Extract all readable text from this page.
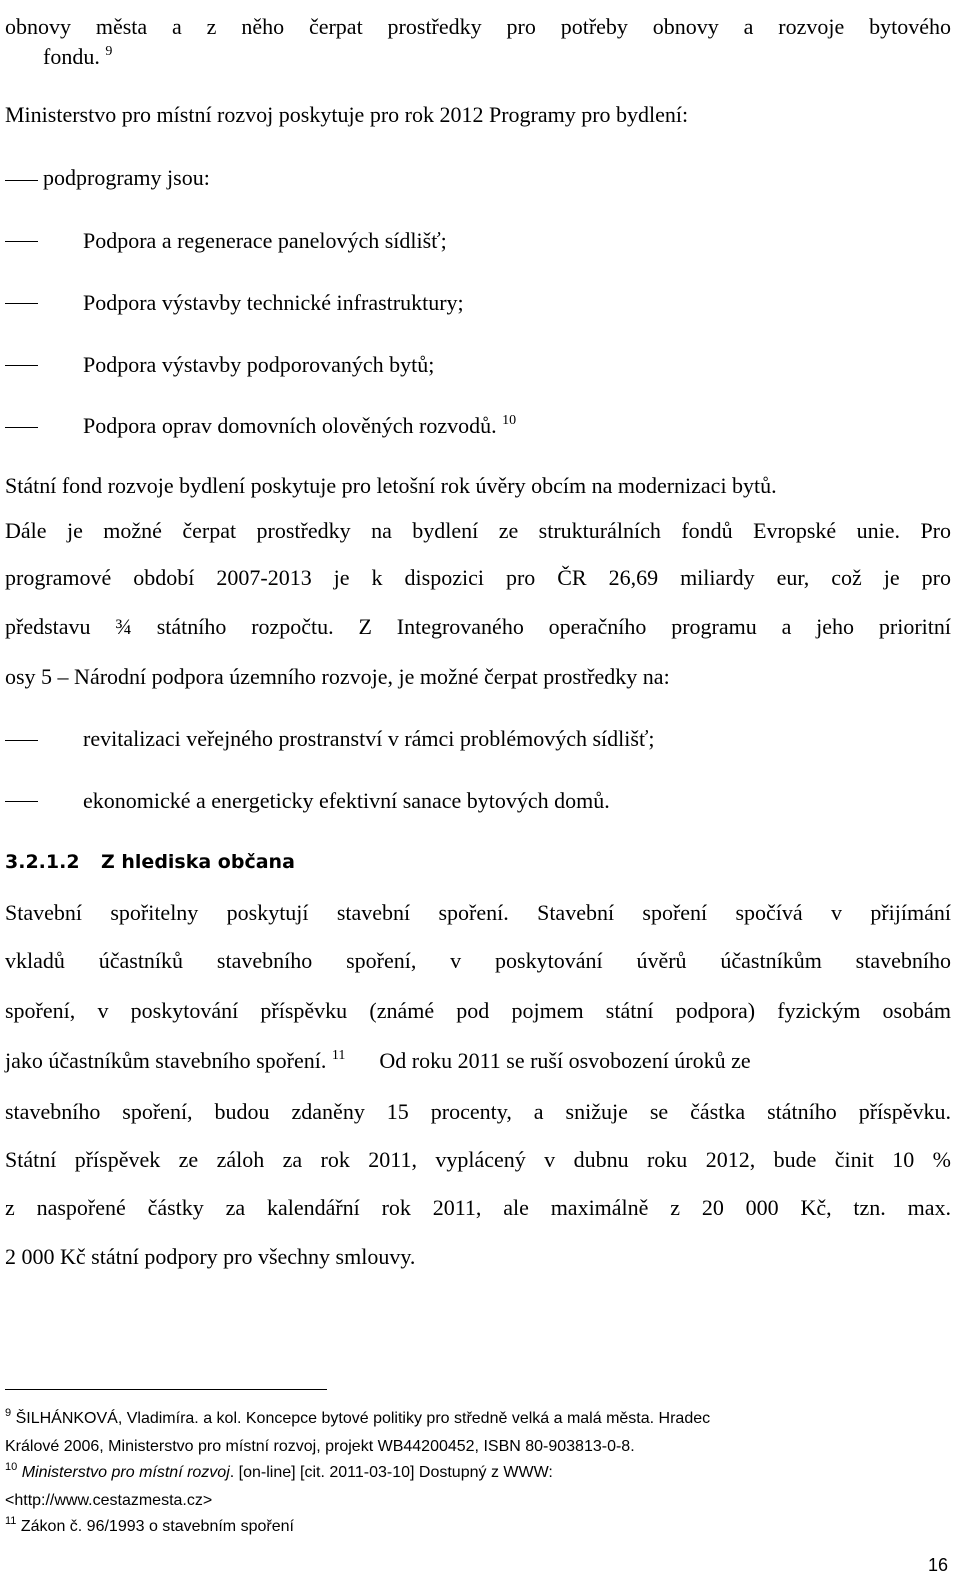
obnovy města a z něho čerpat prostředky pro potřeby obnovy a rozvoje bytového
fondu. $^9$
Ministerstvo pro místní rozvoj poskytuje pro rok 2012 Programy pro bydlení:
podprogramy jsou:
Podpora a regenerace panelových sídlišť;
Podpora výstavby technické infrastruktury;
Podpora výstavby podporovaných bytů;
Podpora oprav domovních olověných rozvodů. $^{10}$
Státní fond rozvoje bydlení poskytuje pro letošní rok úvěry obcím na modernizaci bytů.
Dále je možné čerpat prostředky na bydlení ze strukturálních fondů Evropské unie. Pro
programové období 2007-2013 je k dispozici pro ČR 26,69 miliardy eur, což je pro
představu ¾ státního rozpočtu. Z Integrovaného operačního programu a jeho prioritní
osy 5 – Národní podpora územního rozvoje, je možné čerpat prostředky na:
revitalizaci veřejného prostranství v rámci problémových sídlišť;
ekonomické a energeticky efektivní sanace bytových domů.
3.2.1.2 Z hlediska občana
Stavební spořitelny poskytují stavební spoření. Stavební spoření spočívá v přijímání
vkladů účastníků stavebního spoření, v poskytování úvěrů účastníkům stavebního
spoření, v poskytování příspěvku (známé pod pojmem státní podpora) fyzickým osobám
jako účastníkům stavebního spoření. $^{11}$ Od roku 2011 se ruší osvobození úroků ze
stavebního spoření, budou zdaněny 15 procenty, a snižuje se částka státního příspěvku.
Státní příspěvek ze záloh za rok 2011, vyplácený v dubnu roku 2012, bude činit 10 %
z naspořené částky za kalendářní rok 2011, ale maximálně z 20 000 Kč, tzn. max.
2 000 Kč státní podpory pro všechny smlouvy.
$^9$ ŠILHÁNKOVÁ, Vladimíra. a kol. Koncepce bytové politiky pro středně velká a malá města. Hradec
Králové 2006, Ministerstvo pro místní rozvoj, projekt WB44200452, ISBN 80-903813-0-8.
$^{10}$ Ministerstvo pro místní rozvoj. [on-line] [cit. 2011-03-10] Dostupný z WWW:
<http://www.cestazmesta.cz>
$^{11}$ Zákon č. 96/1993 o stavebním spoření
16
